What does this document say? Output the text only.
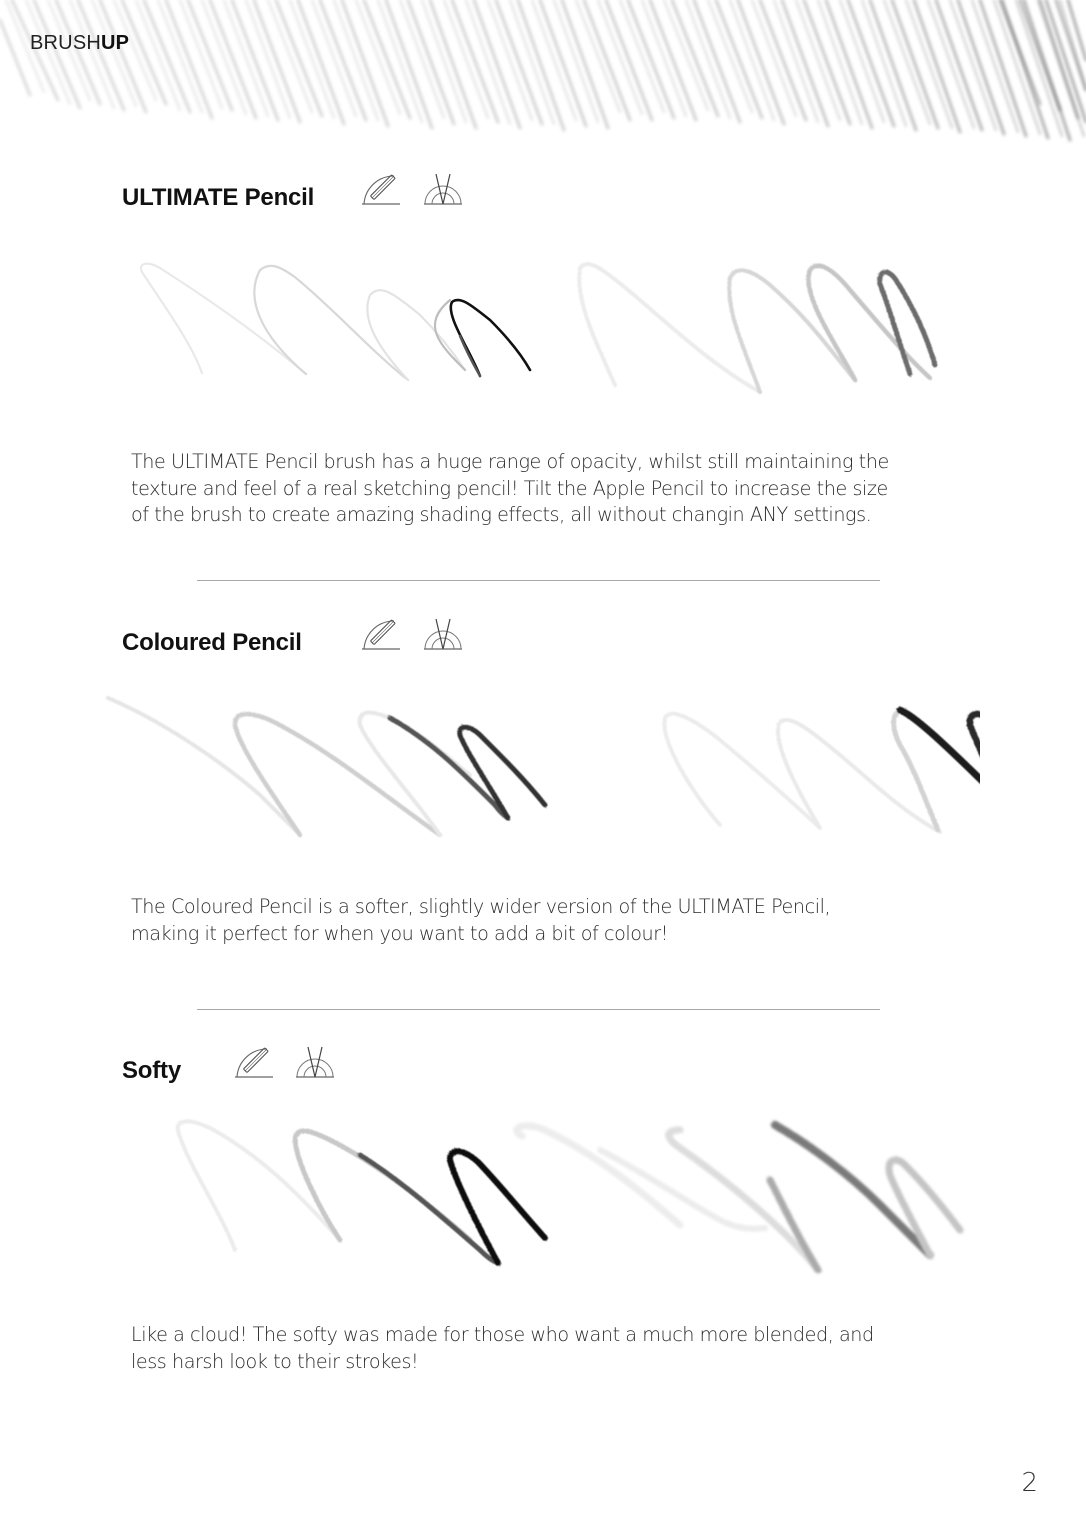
BRUSHUP
ULTIMATE Pencil
The ULTIMATE Pencil brush has a huge range of opacity, whilst still maintaining the
texture and feel of a real sketching pencil! Tilt the Apple Pencil to increase the size
of the brush to create amazing shading effects, all without changin ANY settings.
Coloured Pencil
The Coloured Pencil is a softer, slightly wider version of the ULTIMATE Pencil,
making it perfect for when you want to add a bit of colour!
Softy
Like a cloud! The softy was made for those who want a much more blended, and
less harsh look to their strokes!
2
